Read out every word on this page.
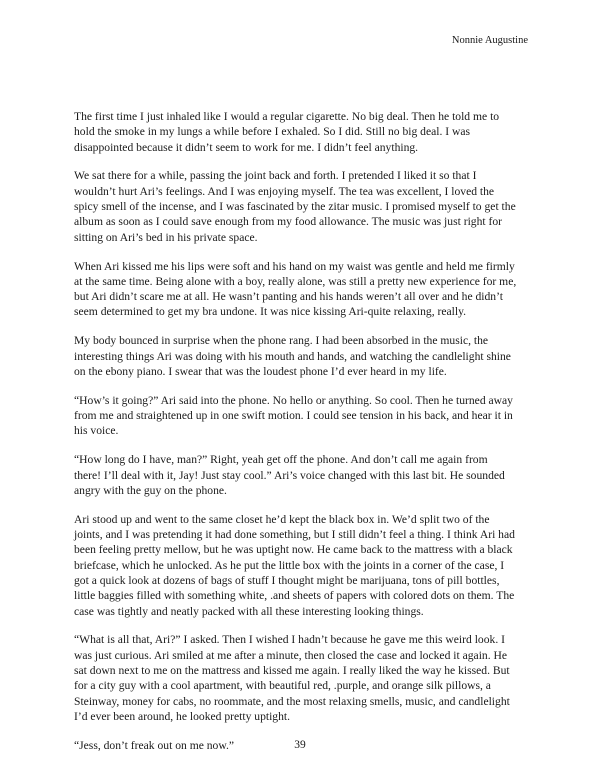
Nonnie Augustine

The first time I just inhaled like I would a regular cigarette. No big deal. Then he told me to
hold the smoke in my lungs a while before I exhaled. So I did. Still no big deal. I was
disappointed because it didn’t seem to work for me. I didn’t feel anything.

We sat there for a while, passing the joint back and forth. I pretended I liked it so that I
wouldn’t hurt Ari’s feelings. And I was enjoying myself. The tea was excellent, I loved the
spicy smell of the incense, and I was fascinated by the zitar music. I promised myself to get the
album as soon as I could save enough from my food allowance. The music was just right for
sitting on Ari’s bed in his private space.

When Ari kissed me his lips were soft and his hand on my waist was gentle and held me firmly
at the same time. Being alone with a boy, really alone, was still a pretty new experience for me,
but Ari didn’t scare me at all. He wasn’t panting and his hands weren’t all over and he didn’t
seem determined to get my bra undone. It was nice kissing Ari-quite relaxing, really.

My body bounced in surprise when the phone rang. I had been absorbed in the music, the
interesting things Ari was doing with his mouth and hands, and watching the candlelight shine
on the ebony piano. I swear that was the loudest phone I’d ever heard in my life.

“How’s it going?” Ari said into the phone. No hello or anything. So cool. Then he turned away
from me and straightened up in one swift motion. I could see tension in his back, and hear it in
his voice.

“How long do I have, man?” Right, yeah get off the phone. And don’t call me again from
there! I’ll deal with it, Jay! Just stay cool.” Ari’s voice changed with this last bit. He sounded
angry with the guy on the phone.

Ari stood up and went to the same closet he’d kept the black box in. We’d split two of the
joints, and I was pretending it had done something, but I still didn’t feel a thing. I think Ari had
been feeling pretty mellow, but he was uptight now. He came back to the mattress with a black
briefcase, which he unlocked. As he put the little box with the joints in a corner of the case, I
got a quick look at dozens of bags of stuff I thought might be marijuana, tons of pill bottles,
little baggies filled with something white, .and sheets of papers with colored dots on them. The
case was tightly and neatly packed with all these interesting looking things.

“What is all that, Ari?” I asked. Then I wished I hadn’t because he gave me this weird look. I
was just curious. Ari smiled at me after a minute, then closed the case and locked it again. He
sat down next to me on the mattress and kissed me again. I really liked the way he kissed. But
for a city guy with a cool apartment, with beautiful red, .purple, and orange silk pillows, a
Steinway, money for cabs, no roommate, and the most relaxing smells, music, and candlelight
I’d ever been around, he looked pretty uptight.

“Jess, don’t freak out on me now.”	39
